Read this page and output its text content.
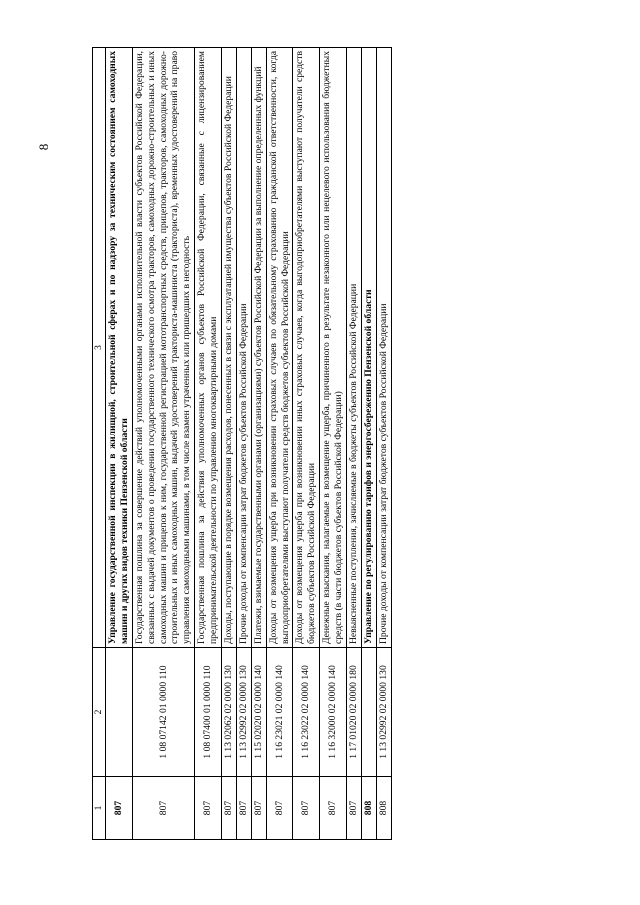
8
1	2	3
807		Управление государственной инспекции в жилищной, строительной сферах и по надзору за техническим состоянием самоходных машин и других видов техники Пензенской области
807	1 08 07142 01 0000 110	Государственная пошлина за совершение действий уполномоченными органами исполнительной власти субъектов Российской Федерации, связанных с выдачей документов о проведении государственного технического осмотра тракторов, самоходных дорожно-строительных и иных самоходных машин и прицепов к ним, государственной регистрацией мототранспортных средств, прицепов, тракторов, самоходных дорожно-строительных и иных самоходных машин, выдачей удостоверений тракториста-машиниста (тракториста), временных удостоверений на право управления самоходными машинами, в том числе взамен утраченных или пришедших в негодность
807	1 08 07400 01 0000 110	Государственная пошлина за действия уполномоченных органов субъектов Российской Федерации, связанные с лицензированием предпринимательской деятельности по управлению многоквартирными домами
807	1 13 02062 02 0000 130	Доходы, поступающие в порядке возмещения расходов, понесенных в связи с эксплуатацией имущества субъектов Российской Федерации
807	1 13 02992 02 0000 130	Прочие доходы от компенсации затрат бюджетов субъектов Российской Федерации
807	1 15 02020 02 0000 140	Платежи, взимаемые государственными органами (организациями) субъектов Российской Федерации за выполнение определенных функций
807	1 16 23021 02 0000 140	Доходы от возмещения ущерба при возникновении страховых случаев по обязательному страхованию гражданской ответственности, когда выгодоприобретателями выступают получатели средств бюджетов субъектов Российской Федерации
807	1 16 23022 02 0000 140	Доходы от возмещения ущерба при возникновении иных страховых случаев, когда выгодоприобретателями выступают получатели средств бюджетов субъектов Российской Федерации
807	1 16 32000 02 0000 140	Денежные взыскания, налагаемые в возмещение ущерба, причиненного в результате незаконного или нецелевого использования бюджетных средств (в части бюджетов субъектов Российской Федерации)
807	1 17 01020 02 0000 180	Невыясненные поступления, зачисляемые в бюджеты субъектов Российской Федерации
808		Управление по регулированию тарифов и энергосбережению Пензенской области
808	1 13 02992 02 0000 130	Прочие доходы от компенсации затрат бюджетов субъектов Российской Федерации
